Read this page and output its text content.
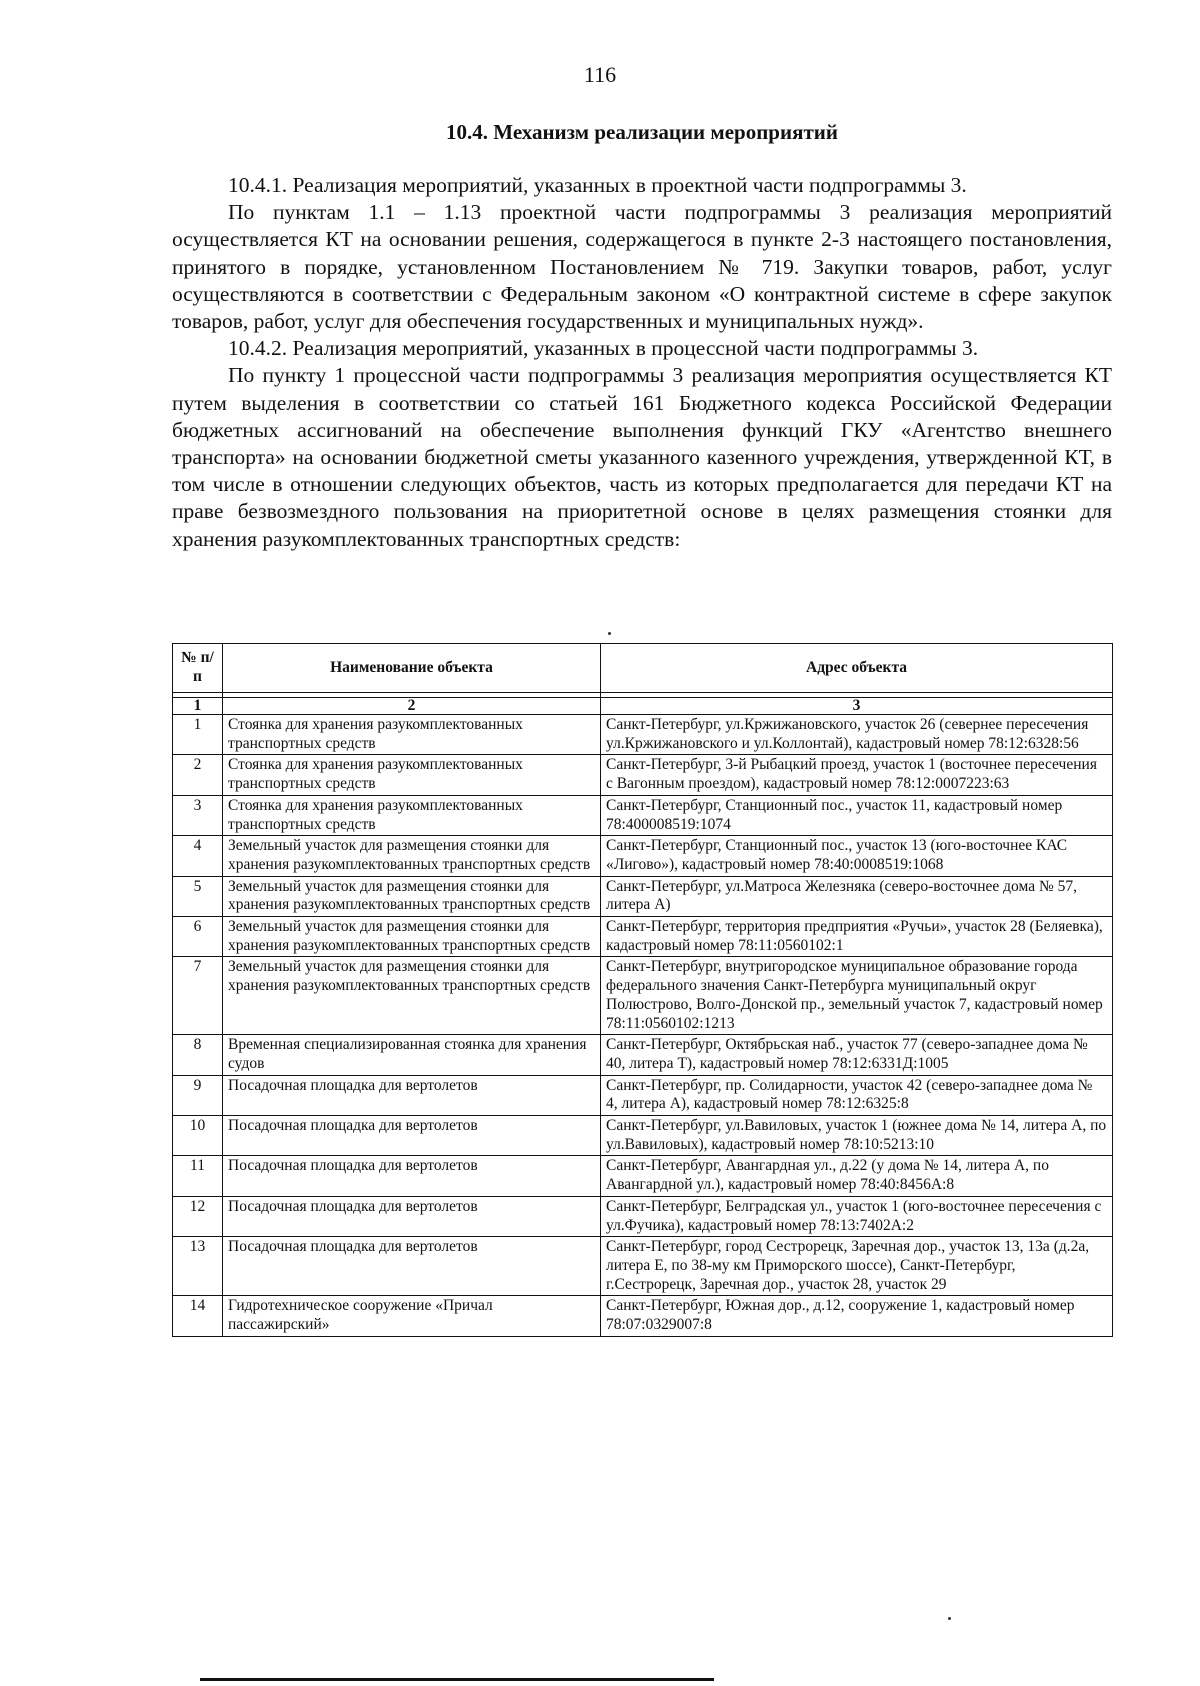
116
10.4. Механизм реализации мероприятий

10.4.1. Реализация мероприятий, указанных в проектной части подпрограммы 3.

По пунктам 1.1 – 1.13 проектной части подпрограммы 3 реализация мероприятий осуществляется КТ на основании решения, содержащегося в пункте 2-3 настоящего постановления, принятого в порядке, установленном Постановлением № 719. Закупки товаров, работ, услуг осуществляются в соответствии с Федеральным законом «О контрактной системе в сфере закупок товаров, работ, услуг для обеспечения государственных и муниципальных нужд».

10.4.2. Реализация мероприятий, указанных в процессной части подпрограммы 3.

По пункту 1 процессной части подпрограммы 3 реализация мероприятия осуществляется КТ путем выделения в соответствии со статьей 161 Бюджетного кодекса Российской Федерации бюджетных ассигнований на обеспечение выполнения функций ГКУ «Агентство внешнего транспорта» на основании бюджетной сметы указанного казенного учреждения, утвержденной КТ, в том числе в отношении следующих объектов, часть из которых предполагается для передачи КТ на праве безвозмездного пользования на приоритетной основе в целях размещения стоянки для хранения разукомплектованных транспортных средств:

№ п/п	Наименование объекта	Адрес объекта

1	2	3
1	Стоянка для хранения разукомплектованных транспортных средств	Санкт-Петербург, ул.Кржижановского, участок 26 (севернее пересечения ул.Кржижановского и ул.Коллонтай), кадастровый номер 78:12:6328:56
2	Стоянка для хранения разукомплектованных транспортных средств	Санкт-Петербург, 3-й Рыбацкий проезд, участок 1 (восточнее пересечения с Вагонным проездом), кадастровый номер 78:12:0007223:63
3	Стоянка для хранения разукомплектованных транспортных средств	Санкт-Петербург, Станционный пос., участок 11, кадастровый номер 78:400008519:1074
4	Земельный участок для размещения стоянки для хранения разукомплектованных транспортных средств	Санкт-Петербург, Станционный пос., участок 13 (юго-восточнее КАС «Лигово»), кадастровый номер 78:40:0008519:1068
5	Земельный участок для размещения стоянки для хранения разукомплектованных транспортных средств	Санкт-Петербург, ул.Матроса Железняка (северо-восточнее дома № 57, литера А)
6	Земельный участок для размещения стоянки для хранения разукомплектованных транспортных средств	Санкт-Петербург, территория предприятия «Ручьи», участок 28 (Беляевка), кадастровый номер 78:11:0560102:1
7	Земельный участок для размещения стоянки для хранения разукомплектованных транспортных средств	Санкт-Петербург, внутригородское муниципальное образование города федерального значения Санкт-Петербурга муниципальный округ Полюстрово, Волго-Донской пр., земельный участок 7, кадастровый номер 78:11:0560102:1213
8	Временная специализированная стоянка для хранения судов	Санкт-Петербург, Октябрьская наб., участок 77 (северо-западнее дома № 40, литера Т), кадастровый номер 78:12:6331Д:1005
9	Посадочная площадка для вертолетов	Санкт-Петербург, пр. Солидарности, участок 42 (северо-западнее дома № 4, литера А), кадастровый номер 78:12:6325:8
10	Посадочная площадка для вертолетов	Санкт-Петербург, ул.Вавиловых, участок 1 (южнее дома № 14, литера А, по ул.Вавиловых), кадастровый номер 78:10:5213:10
11	Посадочная площадка для вертолетов	Санкт-Петербург, Авангардная ул., д.22 (у дома № 14, литера А, по Авангардной ул.), кадастровый номер 78:40:8456А:8
12	Посадочная площадка для вертолетов	Санкт-Петербург, Белградская ул., участок 1 (юго-восточнее пересечения с ул.Фучика), кадастровый номер 78:13:7402А:2
13	Посадочная площадка для вертолетов	Санкт-Петербург, город Сестрорецк, Заречная дор., участок 13, 13а (д.2а, литера Е, по 38-му км Приморского шоссе), Санкт-Петербург, г.Сестрорецк, Заречная дор., участок 28, участок 29
14	Гидротехническое сооружение «Причал пассажирский»	Санкт-Петербург, Южная дор., д.12, сооружение 1, кадастровый номер 78:07:0329007:8
